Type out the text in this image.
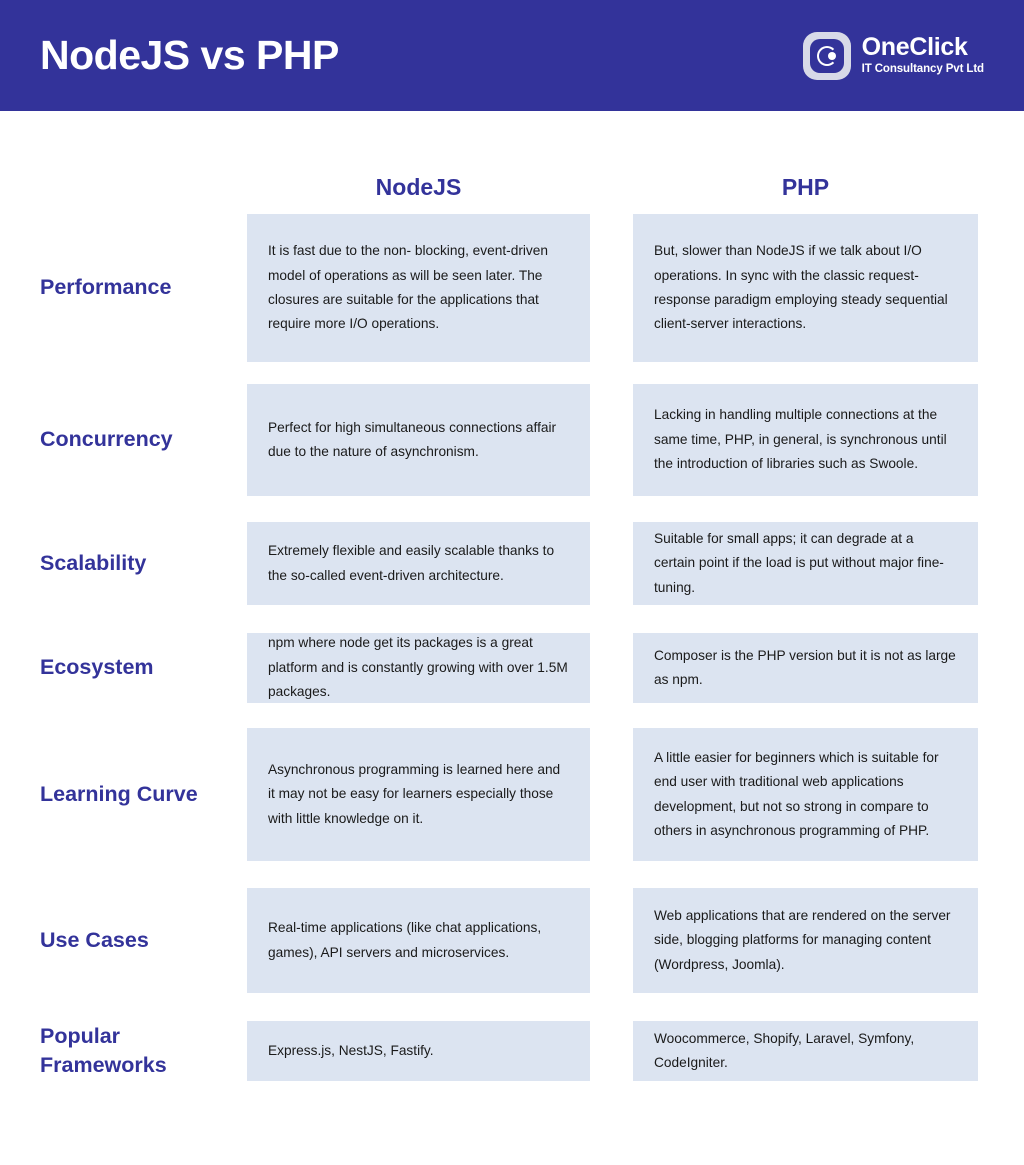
NodeJS vs PHP	OneClick
IT Consultancy Pvt Ltd
NodeJS	PHP
Performance
It is fast due to the non- blocking, event-driven model of operations as will be seen later. The closures are suitable for the applications that require more I/O operations.
But, slower than NodeJS if we talk about I/O operations. In sync with the classic request-response paradigm employing steady sequential client-server interactions.
Concurrency
Perfect for high simultaneous connections affair due to the nature of asynchronism.
Lacking in handling multiple connections at the same time, PHP, in general, is synchronous until the introduction of libraries such as Swoole.
Scalability
Extremely flexible and easily scalable thanks to the so-called event-driven architecture.
Suitable for small apps; it can degrade at a certain point if the load is put without major fine-tuning.
Ecosystem
npm where node get its packages is a great platform and is constantly growing with over 1.5M packages.
Composer is the PHP version but it is not as large as npm.
Learning Curve
Asynchronous programming is learned here and it may not be easy for learners especially those with little knowledge on it.
A little easier for beginners which is suitable for end user with traditional web applications development, but not so strong in compare to others in asynchronous programming of PHP.
Use Cases
Real-time applications (like chat applications, games), API servers and microservices.
Web applications that are rendered on the server side, blogging platforms for managing content (Wordpress, Joomla).
Popular Frameworks
Express.js, NestJS, Fastify.
Woocommerce, Shopify, Laravel, Symfony, CodeIgniter.
